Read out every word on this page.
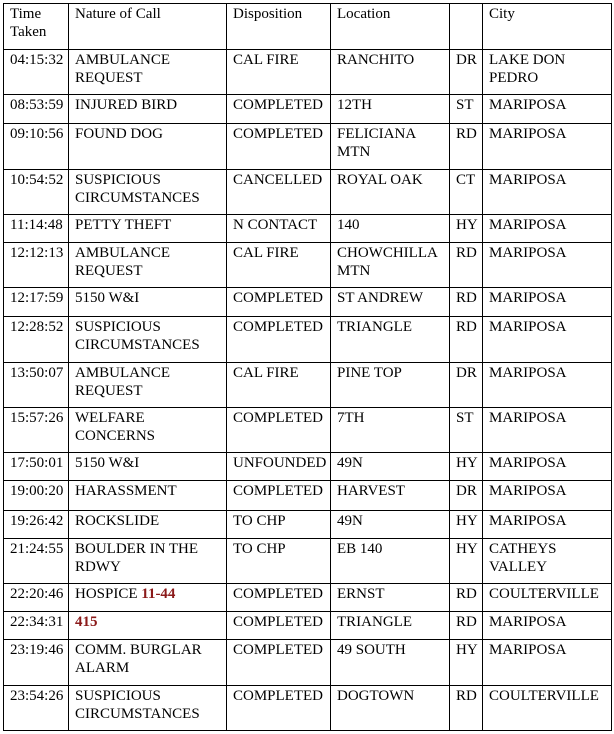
Time Taken	Nature of Call	Disposition	Location		City
04:15:32	AMBULANCE REQUEST	CAL FIRE	RANCHITO	DR	LAKE DON PEDRO
08:53:59	INJURED BIRD	COMPLETED	12TH	ST	MARIPOSA
09:10:56	FOUND DOG	COMPLETED	FELICIANA MTN	RD	MARIPOSA
10:54:52	SUSPICIOUS CIRCUMSTANCES	CANCELLED	ROYAL OAK	CT	MARIPOSA
11:14:48	PETTY THEFT	N CONTACT	140	HY	MARIPOSA
12:12:13	AMBULANCE REQUEST	CAL FIRE	CHOWCHILLA MTN	RD	MARIPOSA
12:17:59	5150 W&I	COMPLETED	ST ANDREW	RD	MARIPOSA
12:28:52	SUSPICIOUS CIRCUMSTANCES	COMPLETED	TRIANGLE	RD	MARIPOSA
13:50:07	AMBULANCE REQUEST	CAL FIRE	PINE TOP	DR	MARIPOSA
15:57:26	WELFARE CONCERNS	COMPLETED	7TH	ST	MARIPOSA
17:50:01	5150 W&I	UNFOUNDED	49N	HY	MARIPOSA
19:00:20	HARASSMENT	COMPLETED	HARVEST	DR	MARIPOSA
19:26:42	ROCKSLIDE	TO CHP	49N	HY	MARIPOSA
21:24:55	BOULDER IN THE RDWY	TO CHP	EB 140	HY	CATHEYS VALLEY
22:20:46	HOSPICE 11-44	COMPLETED	ERNST	RD	COULTERVILLE
22:34:31	415	COMPLETED	TRIANGLE	RD	MARIPOSA
23:19:46	COMM. BURGLAR ALARM	COMPLETED	49 SOUTH	HY	MARIPOSA
23:54:26	SUSPICIOUS CIRCUMSTANCES	COMPLETED	DOGTOWN	RD	COULTERVILLE
